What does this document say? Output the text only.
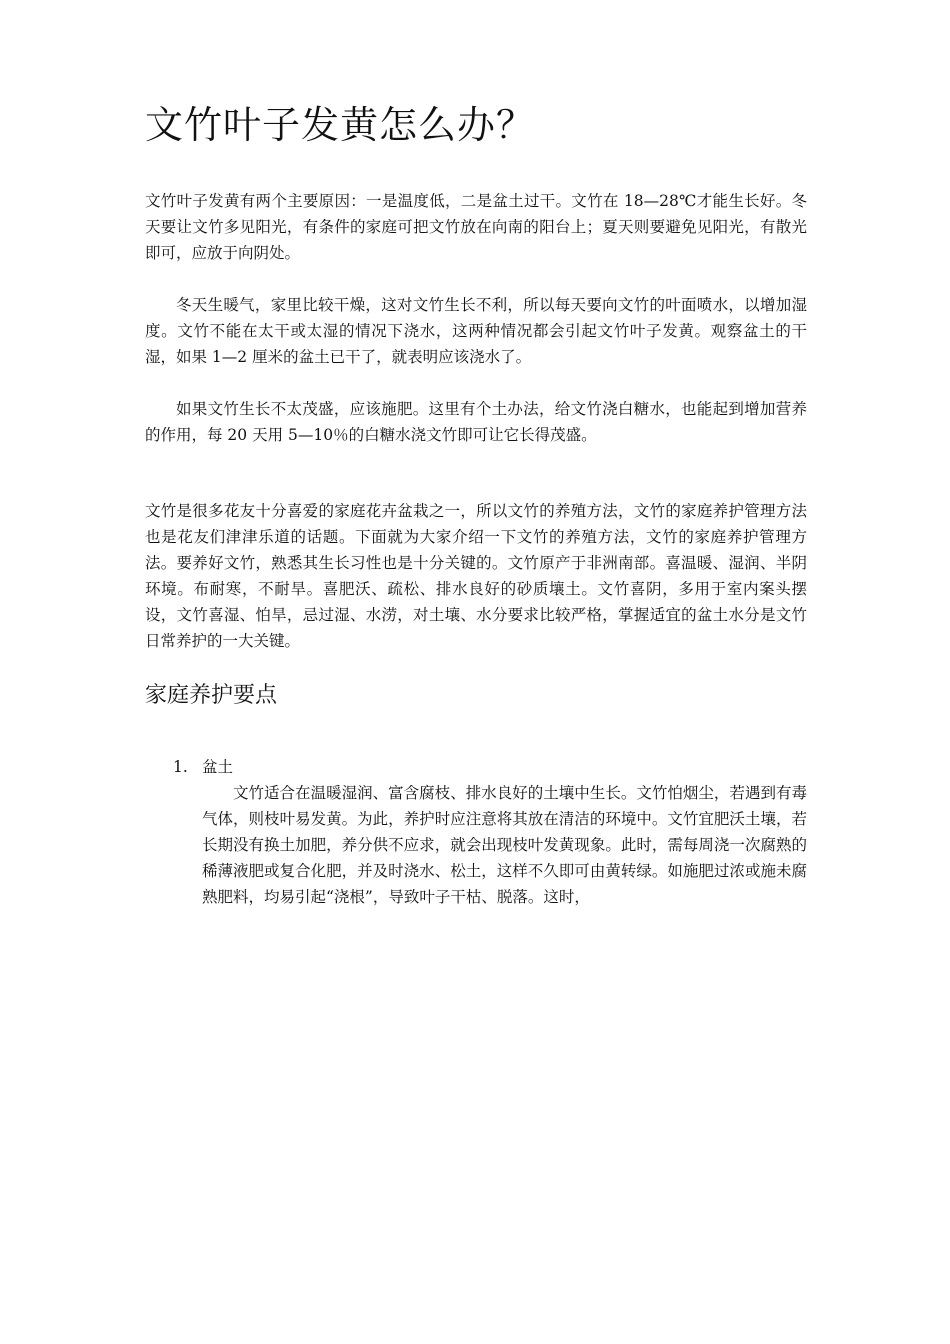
文竹叶子发黄怎么办？

文竹叶子发黄有两个主要原因：一是温度低，二是盆土过干。文竹在 18—28℃才能生长好。冬天要让文竹多见阳光，有条件的家庭可把文竹放在向南的阳台上；夏天则要避免见阳光，有散光即可，应放于向阴处。

冬天生暖气，家里比较干燥，这对文竹生长不利，所以每天要向文竹的叶面喷水，以增加湿度。文竹不能在太干或太湿的情况下浇水，这两种情况都会引起文竹叶子发黄。观察盆土的干湿，如果 1—2 厘米的盆土已干了，就表明应该浇水了。

如果文竹生长不太茂盛，应该施肥。这里有个土办法，给文竹浇白糖水，也能起到增加营养的作用，每 20 天用 5—10％的白糖水浇文竹即可让它长得茂盛。

文竹是很多花友十分喜爱的家庭花卉盆栽之一，所以文竹的养殖方法，文竹的家庭养护管理方法也是花友们津津乐道的话题。下面就为大家介绍一下文竹的养殖方法，文竹的家庭养护管理方法。要养好文竹，熟悉其生长习性也是十分关键的。文竹原产于非洲南部。喜温暖、湿润、半阴环境。布耐寒，不耐旱。喜肥沃、疏松、排水良好的砂质壤土。文竹喜阴，多用于室内案头摆设，文竹喜湿、怕旱，忌过湿、水涝，对土壤、水分要求比较严格，掌握适宜的盆土水分是文竹日常养护的一大关键。

家庭养护要点
1. 盆土

文竹适合在温暖湿润、富含腐枝、排水良好的土壤中生长。文竹怕烟尘，若遇到有毒气体，则枝叶易发黄。为此，养护时应注意将其放在清洁的环境中。文竹宜肥沃土壤，若长期没有换土加肥，养分供不应求，就会出现枝叶发黄现象。此时，需每周浇一次腐熟的稀薄液肥或复合化肥，并及时浇水、松土，这样不久即可由黄转绿。如施肥过浓或施未腐熟肥料，均易引起“浇根”，导致叶子干枯、脱落。这时，
